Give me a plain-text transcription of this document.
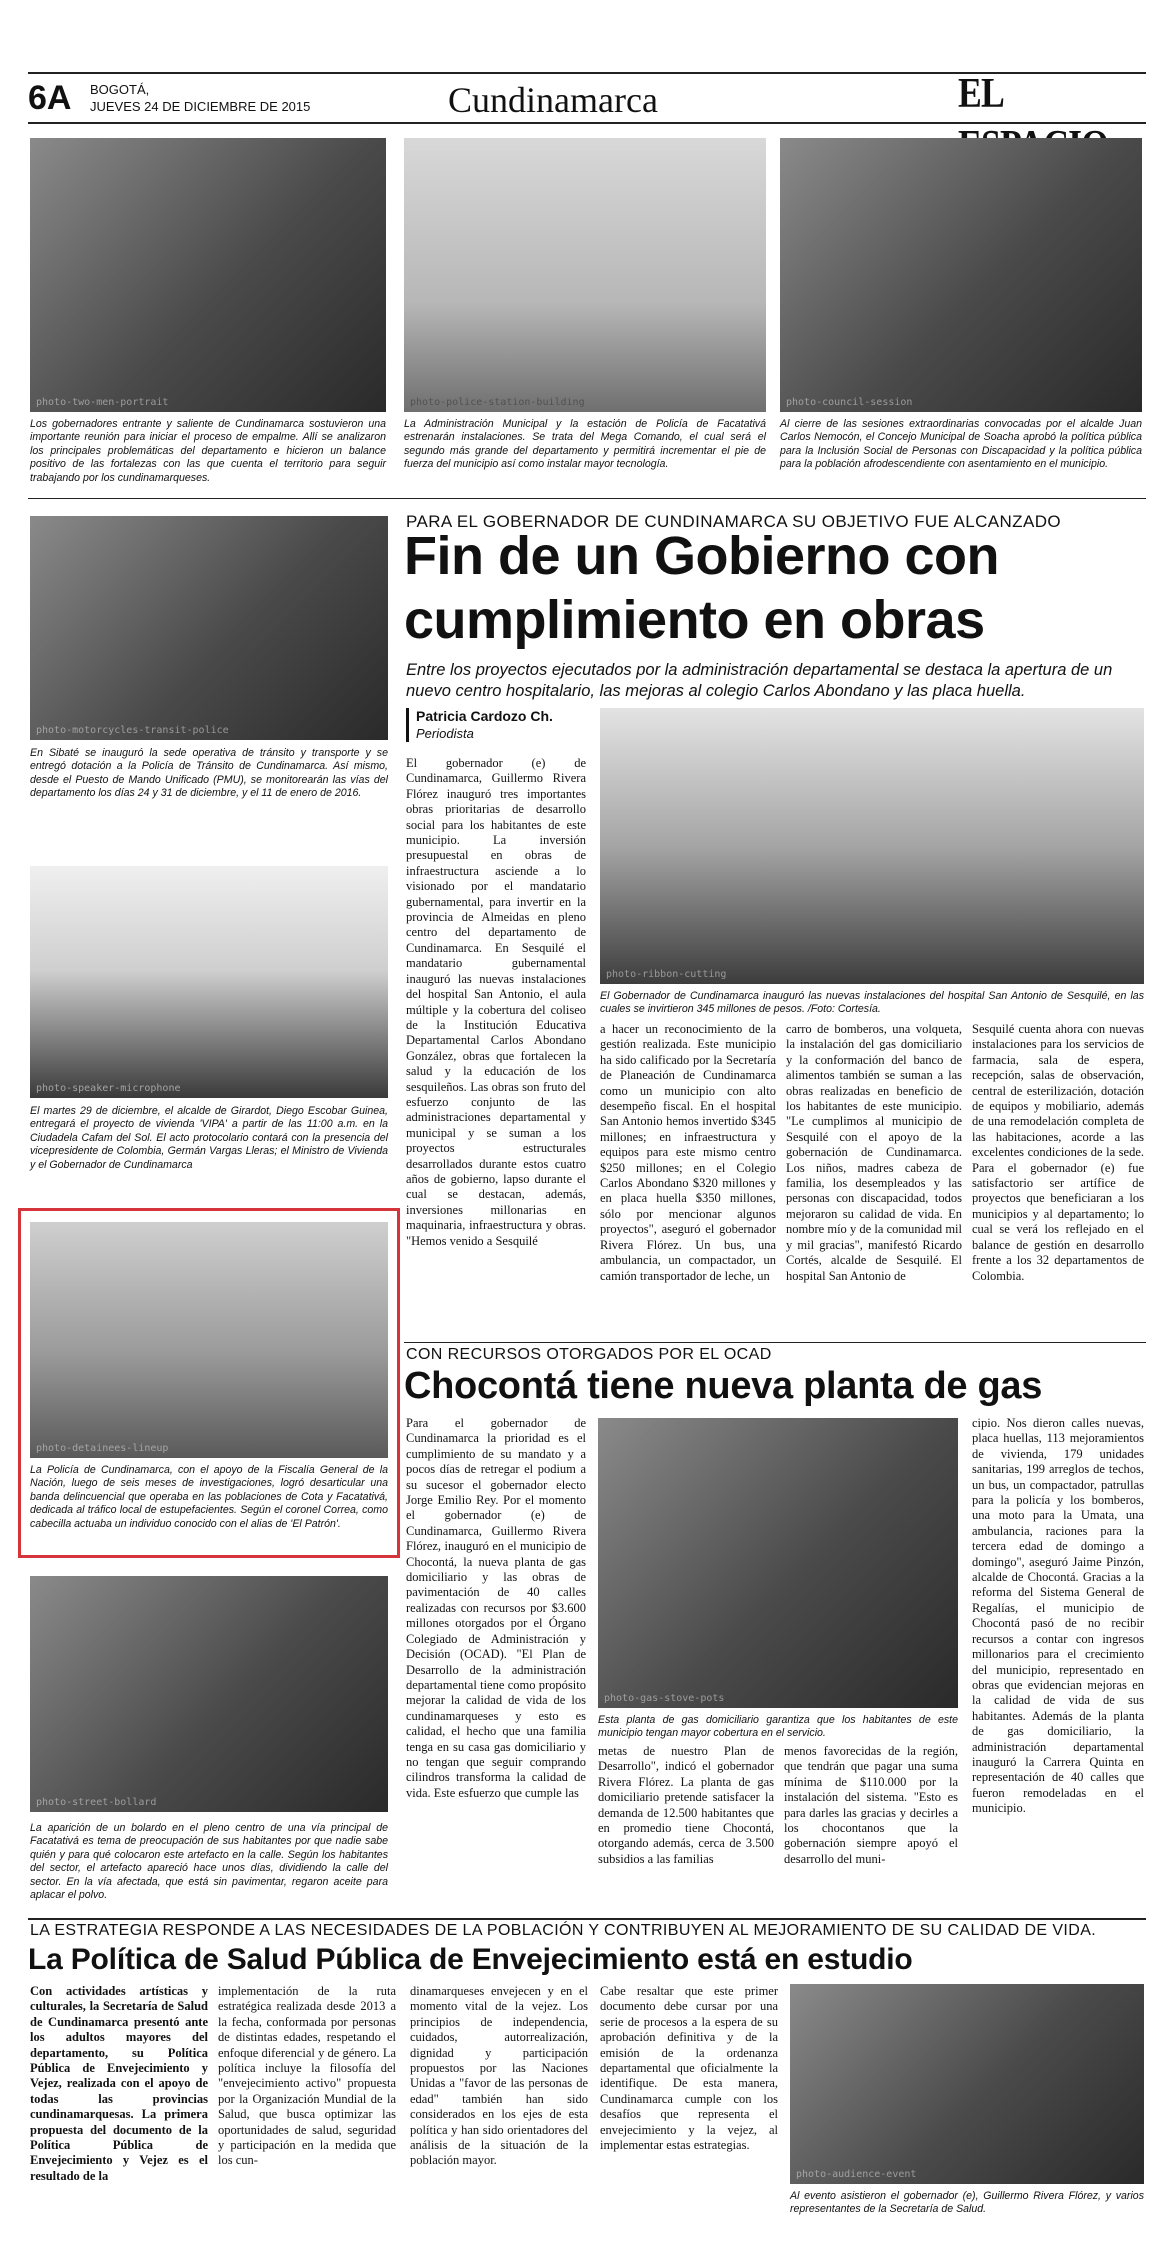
6A BOGOTÁ,
JUEVES 24 DE DICIEMBRE DE 2015	Cundinamarca	EL
photo-two-men-portrait
Los gobernadores entrante y saliente de Cundinamarca sostuvieron una importante reunión para iniciar el proceso de empalme. Allí se analizaron los principales problemáticas del departamento e hicieron un balance positivo de las fortalezas con las que cuenta el territorio para seguir trabajando por los cundinamarqueses.
photo-police-station-building
La Administración Municipal y la estación de Policía de Facatativá estrenarán instalaciones. Se trata del Mega Comando, el cual será el segundo más grande del departamento y permitirá incrementar el pie de fuerza del municipio así como instalar mayor tecnología.
photo-council-session
Al cierre de las sesiones extraordinarias convocadas por el alcalde Juan Carlos Nemocón, el Concejo Municipal de Soacha aprobó la política pública para la Inclusión Social de Personas con Discapacidad y la política pública para la población afrodescendiente con asentamiento en el municipio.
photo-motorcycles-transit-police
En Sibaté se inauguró la sede operativa de tránsito y transporte y se entregó dotación a la Policía de Tránsito de Cundinamarca. Así mismo, desde el Puesto de Mando Unificado (PMU), se monitorearán las vías del departamento los días 24 y 31 de diciembre, y el 11 de enero de 2016.
photo-speaker-microphone
El martes 29 de diciembre, el alcalde de Girardot, Diego Escobar Guinea, entregará el proyecto de vivienda 'VIPA' a partir de las 11:00 a.m. en la Ciudadela Cafam del Sol. El acto protocolario contará con la presencia del vicepresidente de Colombia, Germán Vargas Lleras; el Ministro de Vivienda y el Gobernador de Cundinamarca
photo-detainees-lineup
La Policía de Cundinamarca, con el apoyo de la Fiscalía General de la Nación, luego de seis meses de investigaciones, logró desarticular una banda delincuencial que operaba en las poblaciones de Cota y Facatativá, dedicada al tráfico local de estupefacientes. Según el coronel Correa, como cabecilla actuaba un individuo conocido con el alias de 'El Patrón'.
photo-street-bollard
La aparición de un bolardo en el pleno centro de una vía principal de Facatativá es tema de preocupación de sus habitantes por que nadie sabe quién y para qué colocaron este artefacto en la calle. Según los habitantes del sector, el artefacto apareció hace unos días, dividiendo la calle del sector. En la vía afectada, que está sin pavimentar, regaron aceite para aplacar el polvo.
PARA EL GOBERNADOR DE CUNDINAMARCA SU OBJETIVO FUE ALCANZADO
Fin de un Gobierno con
cumplimiento en obras
Entre los proyectos ejecutados por la administración departamental se destaca la apertura de un nuevo centro hospitalario, las mejoras al colegio Carlos Abondano y las placa huella.
Patricia Cardozo Ch.
Periodista
El gobernador (e) de Cundinamarca, Guillermo Rivera Flórez inauguró tres importantes obras prioritarias de desarrollo social para los habitantes de este municipio. La inversión presupuestal en obras de infraestructura asciende a lo visionado por el mandatario gubernamental, para invertir en la provincia de Almeidas en pleno centro del departamento de Cundinamarca. En Sesquilé el mandatario gubernamental inauguró las nuevas instalaciones del hospital San Antonio, el aula múltiple y la cobertura del coliseo de la Institución Educativa Departamental Carlos Abondano González, obras que fortalecen la salud y la educación de los sesquileños. Las obras son fruto del esfuerzo conjunto de las administraciones departamental y municipal y se suman a los proyectos estructurales desarrollados durante estos cuatro años de gobierno, lapso durante el cual se destacan, además, inversiones millonarias en maquinaria, infraestructura y obras. "Hemos venido a Sesquilé
photo-ribbon-cutting
El Gobernador de Cundinamarca inauguró las nuevas instalaciones del hospital San Antonio de Sesquilé, en las cuales se invirtieron 345 millones de pesos. /Foto: Cortesía.
a hacer un reconocimiento de la gestión realizada. Este municipio ha sido calificado por la Secretaría de Planeación de Cundinamarca como un municipio con alto desempeño fiscal. En el hospital San Antonio hemos invertido $345 millones; en infraestructura y equipos para este mismo centro $250 millones; en el Colegio Carlos Abondano $320 millones y en placa huella $350 millones, sólo por mencionar algunos proyectos", aseguró el gobernador Rivera Flórez. Un bus, una ambulancia, un compactador, un camión transportador de leche, un
carro de bomberos, una volqueta, la instalación del gas domiciliario y la conformación del banco de alimentos también se suman a las obras realizadas en beneficio de los habitantes de este municipio. "Le cumplimos al municipio de Sesquilé con el apoyo de la gobernación de Cundinamarca. Los niños, madres cabeza de familia, los desempleados y las personas con discapacidad, todos mejoraron su calidad de vida. En nombre mío y de la comunidad mil y mil gracias", manifestó Ricardo Cortés, alcalde de Sesquilé. El hospital San Antonio de
Sesquilé cuenta ahora con nuevas instalaciones para los servicios de farmacia, sala de espera, recepción, salas de observación, central de esterilización, dotación de equipos y mobiliario, además de una remodelación completa de las habitaciones, acorde a las excelentes condiciones de la sede. Para el gobernador (e) fue satisfactorio ser artífice de proyectos que beneficiaran a los municipios y al departamento; lo cual se verá los reflejado en el balance de gestión en desarrollo frente a los 32 departamentos de Colombia.
CON RECURSOS OTORGADOS POR EL OCAD
Chocontá tiene nueva planta de gas
Para el gobernador de Cundinamarca la prioridad es el cumplimiento de su mandato y a pocos días de retregar el podium a su sucesor el gobernador electo Jorge Emilio Rey. Por el momento el gobernador (e) de Cundinamarca, Guillermo Rivera Flórez, inauguró en el municipio de Chocontá, la nueva planta de gas domiciliario y las obras de pavimentación de 40 calles realizadas con recursos por $3.600 millones otorgados por el Órgano Colegiado de Administración y Decisión (OCAD). "El Plan de Desarrollo de la administración departamental tiene como propósito mejorar la calidad de vida de los cundinamarqueses y esto es calidad, el hecho que una familia tenga en su casa gas domiciliario y no tengan que seguir comprando cilindros transforma la calidad de vida. Este esfuerzo que cumple las
photo-gas-stove-pots
Esta planta de gas domiciliario garantiza que los habitantes de este municipio tengan mayor cobertura en el servicio.
metas de nuestro Plan de Desarrollo", indicó el gobernador Rivera Flórez. La planta de gas domiciliario pretende satisfacer la demanda de 12.500 habitantes que en promedio tiene Chocontá, otorgando además, cerca de 3.500 subsidios a las familias
menos favorecidas de la región, que tendrán que pagar una suma mínima de $110.000 por la instalación del sistema. "Esto es para darles las gracias y decirles a los chocontanos que la gobernación siempre apoyó el desarrollo del muni-
cipio. Nos dieron calles nuevas, placa huellas, 113 mejoramientos de vivienda, 179 unidades sanitarias, 199 arreglos de techos, un bus, un compactador, patrullas para la policía y los bomberos, una moto para la Umata, una ambulancia, raciones para la tercera edad de domingo a domingo", aseguró Jaime Pinzón, alcalde de Chocontá. Gracias a la reforma del Sistema General de Regalías, el municipio de Chocontá pasó de no recibir recursos a contar con ingresos millonarios para el crecimiento del municipio, representado en obras que evidencian mejoras en la calidad de vida de sus habitantes. Además de la planta de gas domiciliario, la administración departamental inauguró la Carrera Quinta en representación de 40 calles que fueron remodeladas en el municipio.
LA ESTRATEGIA RESPONDE A LAS NECESIDADES DE LA POBLACIÓN Y CONTRIBUYEN AL MEJORAMIENTO DE SU CALIDAD DE VIDA.
La Política de Salud Pública de Envejecimiento está en estudio
Con actividades artísticas y culturales, la Secretaría de Salud de Cundinamarca presentó ante los adultos mayores del departamento, su Política Pública de Envejecimiento y Vejez, realizada con el apoyo de todas las provincias cundinamarquesas. La primera propuesta del documento de la Política Pública de Envejecimiento y Vejez es el resultado de la
implementación de la ruta estratégica realizada desde 2013 a la fecha, conformada por personas de distintas edades, respetando el enfoque diferencial y de género. La política incluye la filosofía del "envejecimiento activo" propuesta por la Organización Mundial de la Salud, que busca optimizar las oportunidades de salud, seguridad y participación en la medida que los cun-
dinamarqueses envejecen y en el momento vital de la vejez. Los principios de independencia, cuidados, autorrealización, dignidad y participación propuestos por las Naciones Unidas a "favor de las personas de edad" también han sido considerados en los ejes de esta política y han sido orientadores del análisis de la situación de la población mayor.
Cabe resaltar que este primer documento debe cursar por una serie de procesos a la espera de su aprobación definitiva y de la emisión de la ordenanza departamental que oficialmente la identifique. De esta manera, Cundinamarca cumple con los desafíos que representa el envejecimiento y la vejez, al implementar estas estrategias.
photo-audience-event
Al evento asistieron el gobernador (e), Guillermo Rivera Flórez, y varios representantes de la Secretaría de Salud.
